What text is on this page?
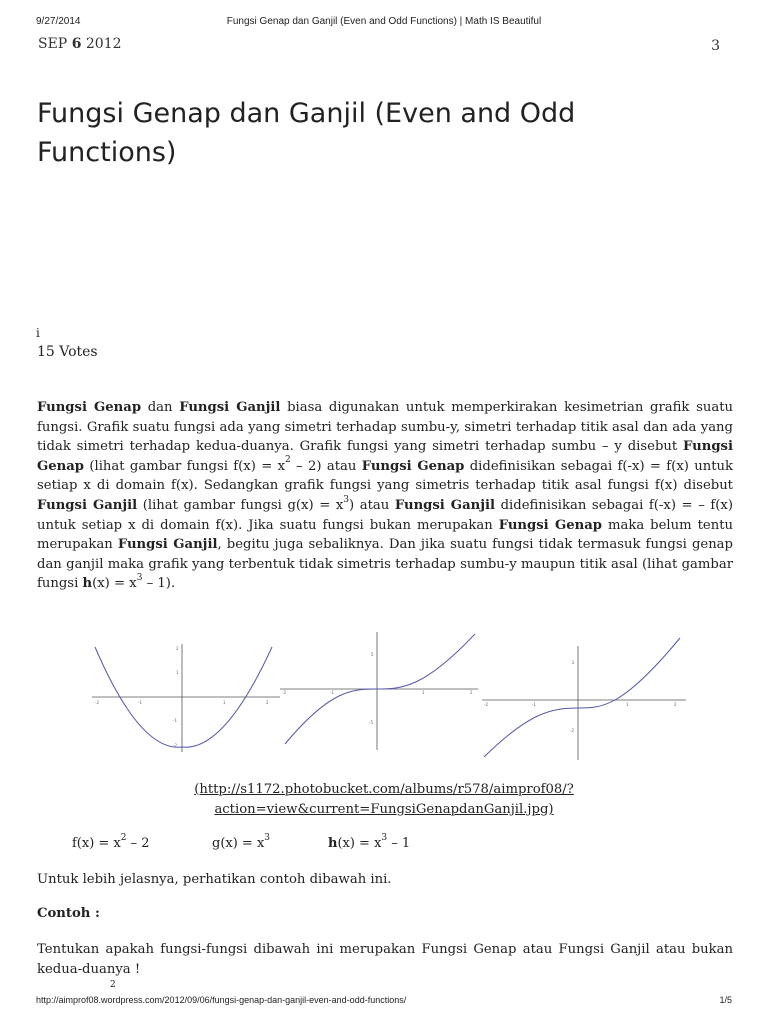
9/27/2014	Fungsi Genap dan Ganjil (Even and Odd Functions) | Math IS Beautiful
SEP 6 2012	3
Fungsi Genap dan Ganjil (Even and Odd Functions)
i
15 Votes

Fungsi Genap dan Fungsi Ganjil biasa digunakan untuk memperkirakan kesimetrian grafik suatu fungsi. Grafik suatu fungsi ada yang simetri terhadap sumbu-y, simetri terhadap titik asal dan ada yang tidak simetri terhadap kedua-duanya. Grafik fungsi yang simetri terhadap sumbu – y disebut Fungsi Genap (lihat gambar fungsi $f(x) = x^2 - 2$) atau Fungsi Genap didefinisikan sebagai f(-x) = f(x) untuk setiap x di domain f(x). Sedangkan grafik fungsi yang simetris terhadap titik asal fungsi f(x) disebut Fungsi Ganjil (lihat gambar fungsi $g(x) = x^3$) atau Fungsi Ganjil didefinisikan sebagai f(-x) = – f(x) untuk setiap x di domain f(x). Jika suatu fungsi bukan merupakan Fungsi Genap maka belum tentu merupakan Fungsi Ganjil, begitu juga sebaliknya. Dan jika suatu fungsi tidak termasuk fungsi genap dan ganjil maka grafik yang terbentuk tidak simetris terhadap sumbu-y maupun titik asal (lihat gambar fungsi $h(x) = x^3 - 1$).

-2	-1	1	2
2
1
-1
-2
-2	-1	1	2
5
-5
-2	-1	1	2
2
-2
(http://s1172.photobucket.com/albums/r578/aimprof08/?
action=view&current=FungsiGenapdanGanjil.jpg)
$f(x) = x^2 - 2$	$g(x) = x^3$	$h(x) = x^3 - 1$
Untuk lebih jelasnya, perhatikan contoh dibawah ini.
Contoh :

Tentukan apakah fungsi-fungsi dibawah ini merupakan Fungsi Genap atau Fungsi Ganjil atau bukan kedua-duanya !

2
http://aimprof08.wordpress.com/2012/09/06/fungsi-genap-dan-ganjil-even-and-odd-functions/	1/5
